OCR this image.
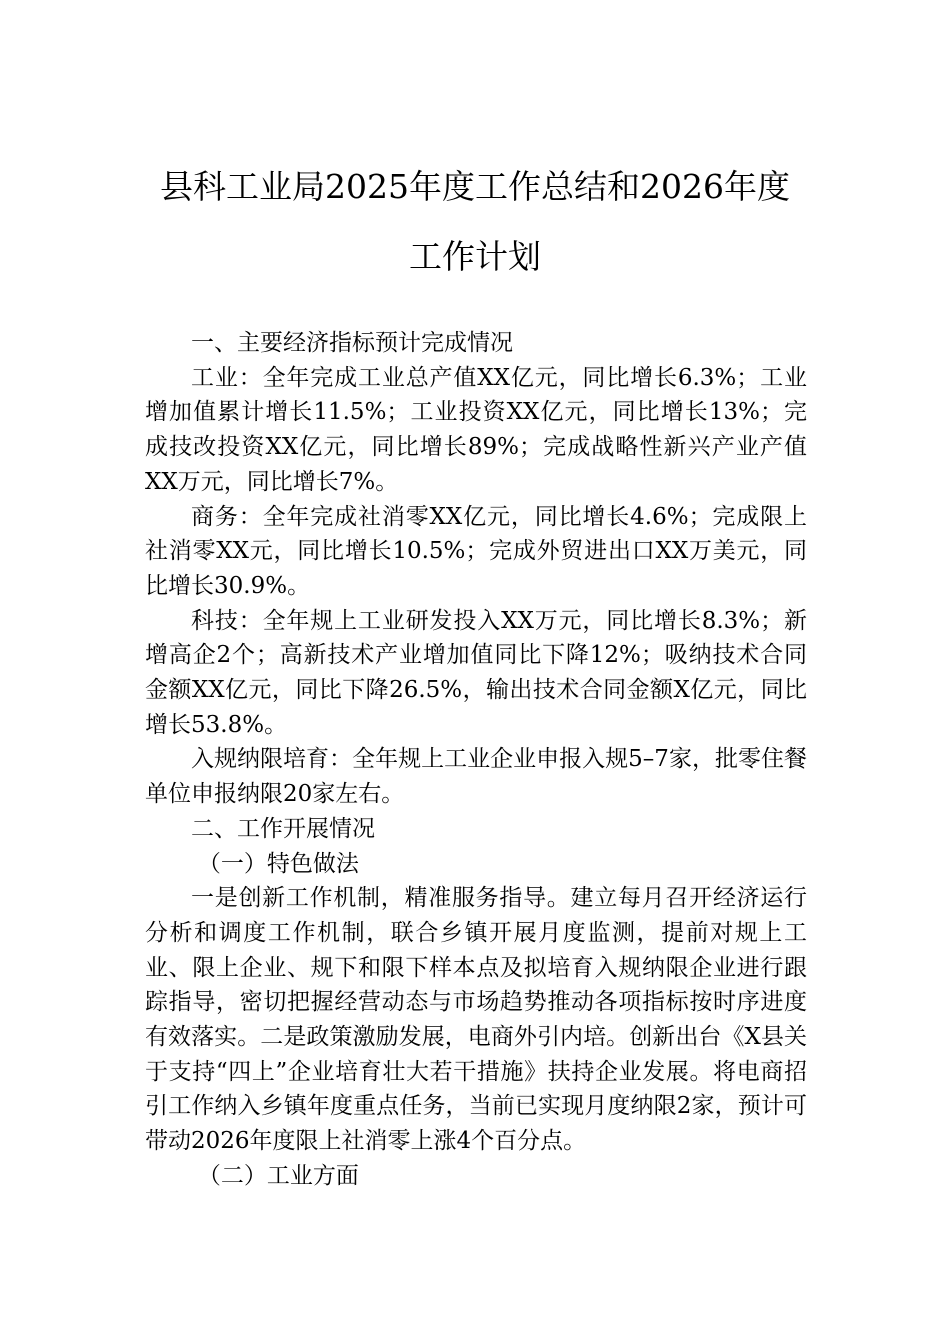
县科工业局2025年度工作总结和2026年度
工作计划

一、主要经济指标预计完成情况

工业：全年完成工业总产值XX亿元，同比增长6.3%；工业增加值累计增长11.5%；工业投资XX亿元，同比增长13%；完成技改投资XX亿元，同比增长89%；完成战略性新兴产业产值XX万元，同比增长7%。

商务：全年完成社消零XX亿元，同比增长4.6%；完成限上社消零XX元，同比增长10.5%；完成外贸进出口XX万美元，同比增长30.9%。

科技：全年规上工业研发投入XX万元，同比增长8.3%；新增高企2个；高新技术产业增加值同比下降12%；吸纳技术合同金额XX亿元，同比下降26.5%，输出技术合同金额X亿元，同比增长53.8%。

入规纳限培育：全年规上工业企业申报入规5–7家，批零住餐单位申报纳限20家左右。

二、工作开展情况

（一）特色做法

一是创新工作机制，精准服务指导。建立每月召开经济运行分析和调度工作机制，联合乡镇开展月度监测，提前对规上工业、限上企业、规下和限下样本点及拟培育入规纳限企业进行跟踪指导，密切把握经营动态与市场趋势推动各项指标按时序进度有效落实。二是政策激励发展，电商外引内培。创新出台《X县关于支持“四上”企业培育壮大若干措施》扶持企业发展。将电商招引工作纳入乡镇年度重点任务，当前已实现月度纳限2家，预计可带动2026年度限上社消零上涨4个百分点。

（二）工业方面
